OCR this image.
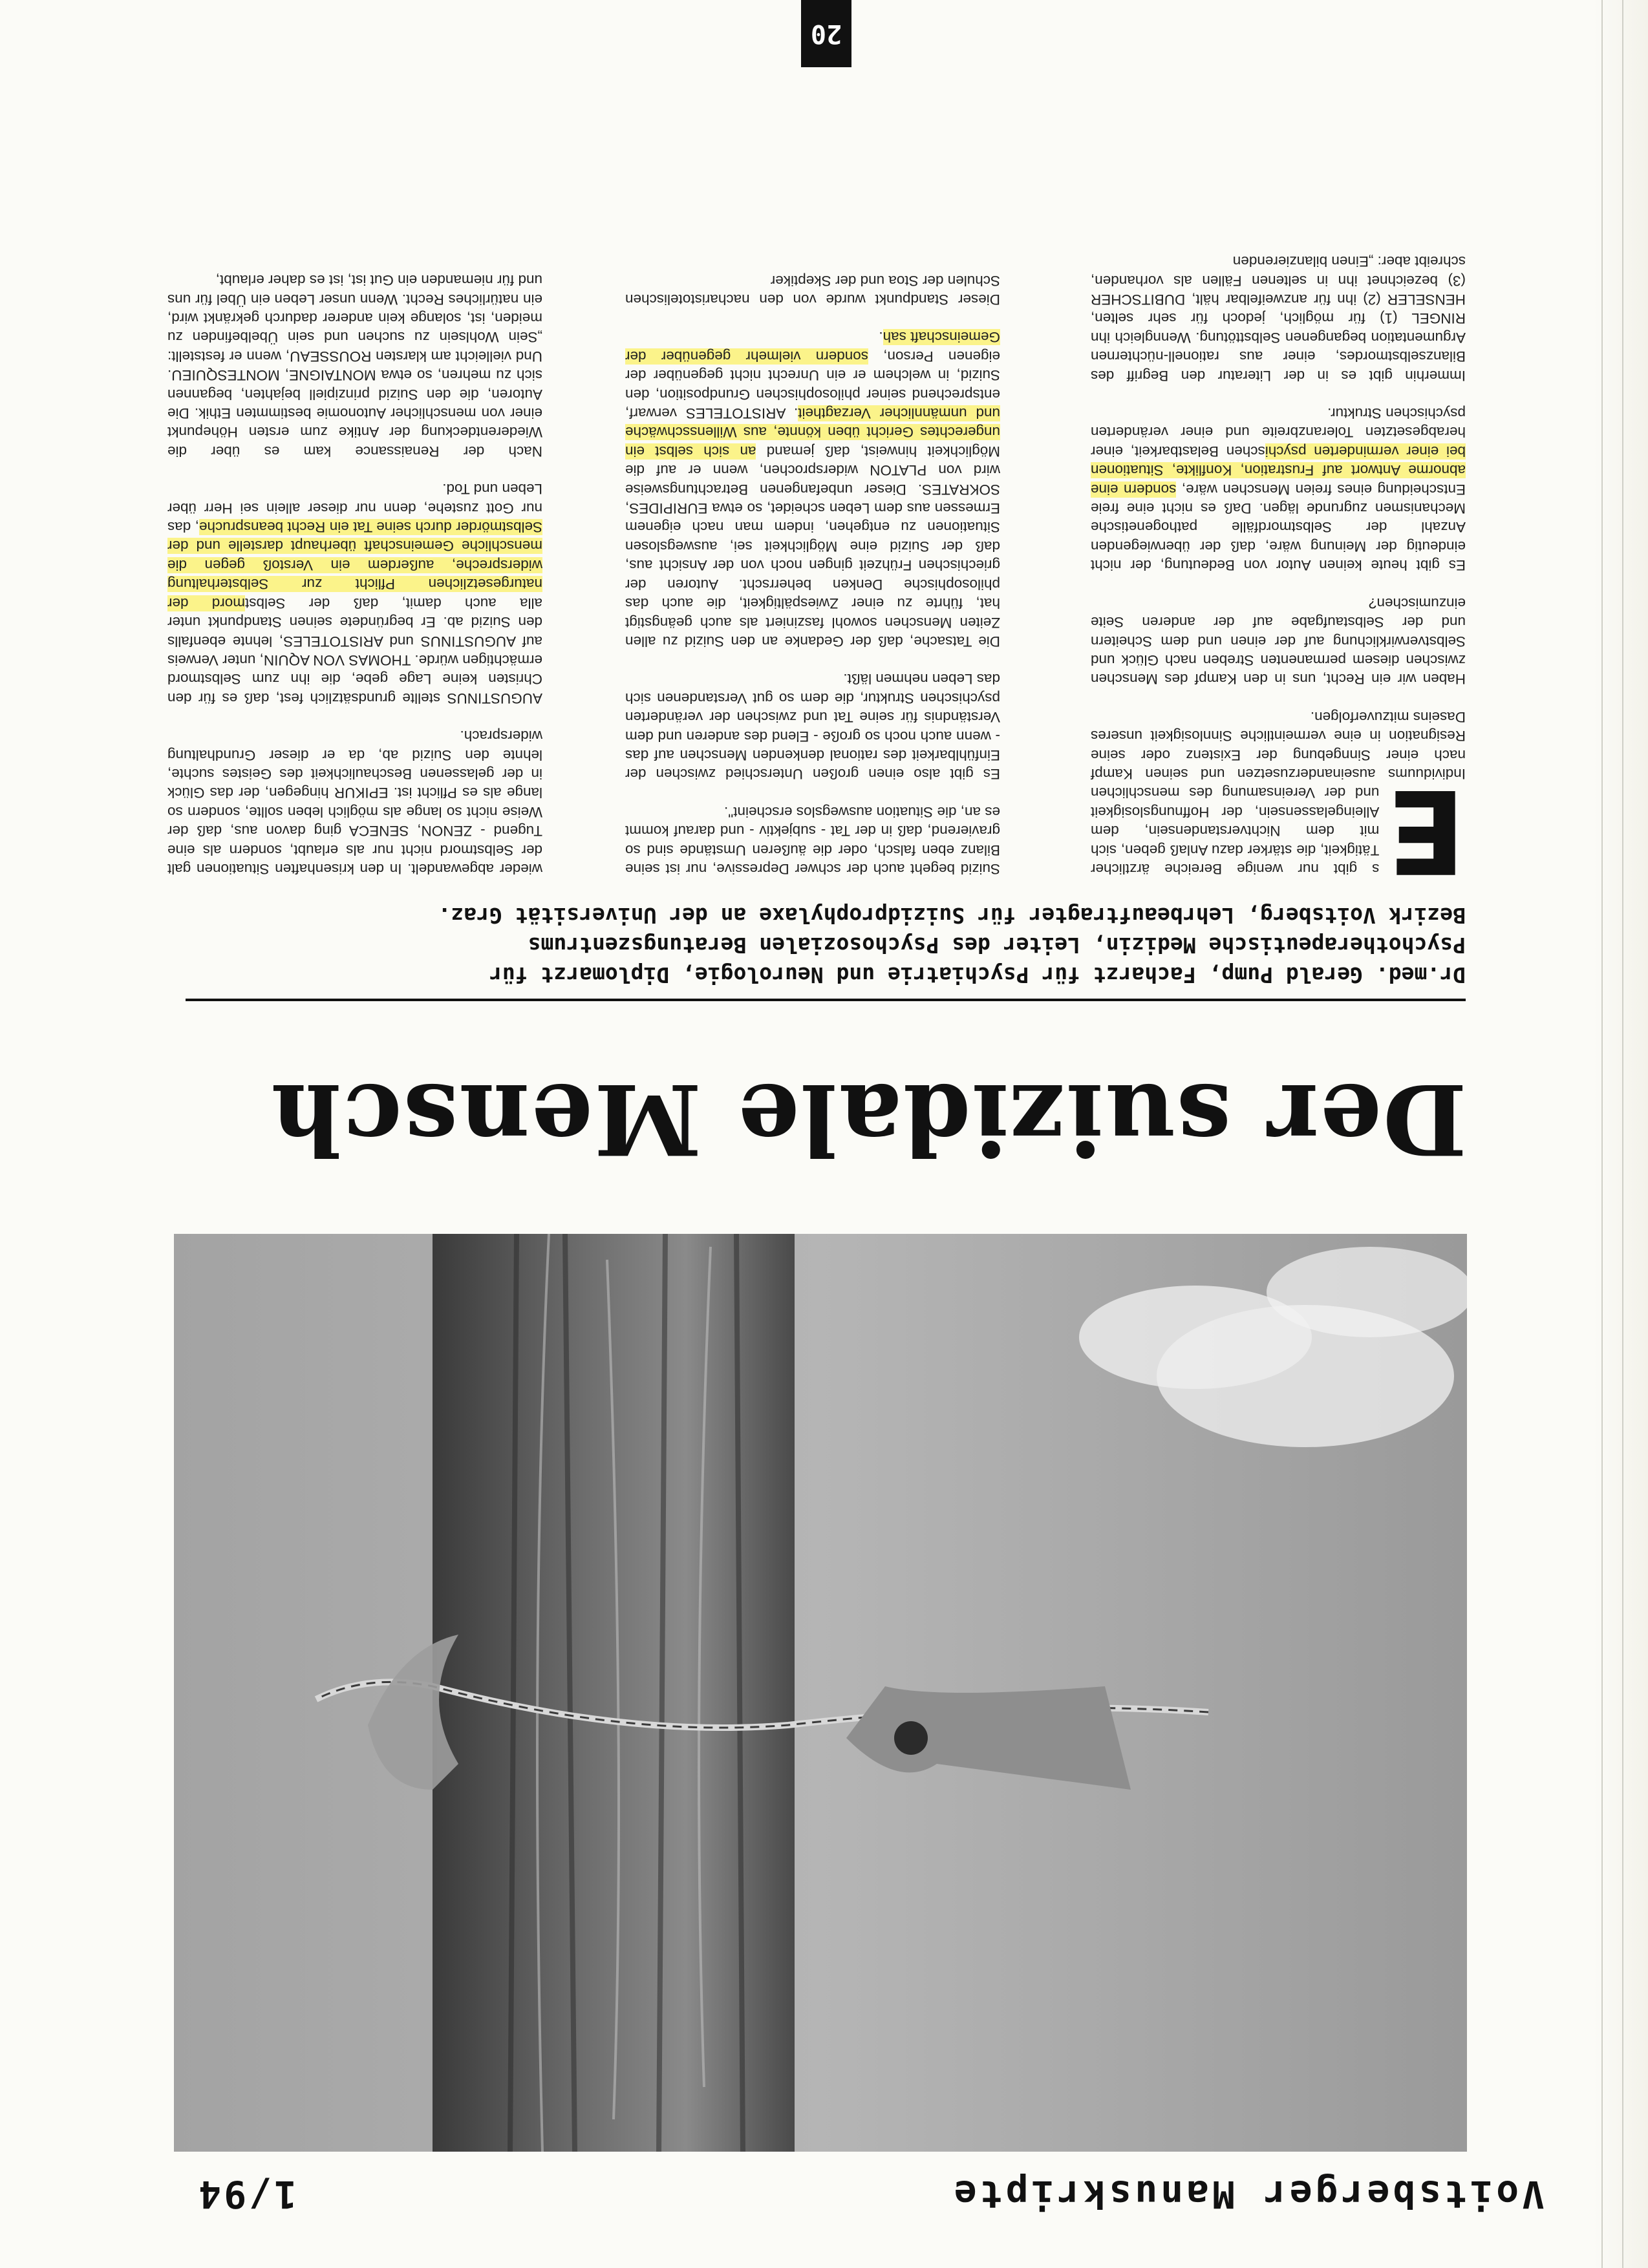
Voitsberger Manuskripte
1/94
Der suizidale Mensch
Dr.med. Gerald Pump, Facharzt für Psychiatrie und Neurologie, Diplomarzt für
Psychotherapeutische Medizin, Leiter des Psychosozialen Beratungszentrums
Bezirk Voitsberg, Lehrbeauftragter für Suizidprophylaxe an der Universität Graz.

E
s gibt nur wenige Bereiche ärztlicher Tätigkeit, die stärker dazu Anlaß geben, sich mit dem Nichtverstandensein, dem Alleingelassensein, der Hoffnungslosigkeit und der Vereinsamung des menschlichen Individuums auseinanderzusetzen und seinen Kampf nach einer Sinngebung der Existenz oder seine Resignation in eine vermeintliche Sinnlosigkeit unseres Daseins mitzuverfolgen.

Haben wir ein Recht, uns in den Kampf des Menschen zwischen diesem permanenten Streben nach Glück und Selbstverwirklichung auf der einen und dem Scheitern und der Selbstaufgabe auf der anderen Seite einzumischen?

Es gibt heute keinen Autor von Bedeutung, der nicht eindeutig der Meinung wäre, daß der überwiegenden Anzahl der Selbstmordfälle pathogenetische Mechanismen zugrunde lägen. Daß es nicht eine freie Entscheidung eines freien Menschen wäre, sondern eine abnorme Antwort auf Frustration, Konflikte, Situationen bei einer verminderten psychischen Belastbarkeit, einer herabgesetzten Toleranzbreite und einer veränderten psychischen Struktur.

Immerhin gibt es in der Literatur den Begriff des Bilanzselbstmordes, einer aus rationell-nüchternen Argumentation begangenen Selbsttötung. Wenngleich ihn RINGEL (1) für möglich, jedoch für sehr selten, HENSELER (2) ihn für anzweifelbar hält, DUBITSCHER (3) bezeichnet ihn in seltenen Fällen als vorhanden, schreibt aber: „Einen bilanzierenden

Suizid begeht auch der schwer Depressive, nur ist seine Bilanz eben falsch, oder die äußeren Umstände sind so gravierend, daß in der Tat - subjektiv - und darauf kommt es an, die Situation auswegslos erscheint".

Es gibt also einen großen Unterschied zwischen der Einfühlbarkeit des rational denkenden Menschen auf das - wenn auch noch so große - Elend des anderen und dem Verständnis für seine Tat und zwischen der veränderten psychischen Struktur, die dem so gut Verstandenen sich das Leben nehmen läßt.

Die Tatsache, daß der Gedanke an den Suizid zu allen Zeiten Menschen sowohl fasziniert als auch geängstigt hat, führte zu einer Zwiespältigkeit, die auch das philosophische Denken beherrscht. Autoren der griechischen Frühzeit gingen noch von der Ansicht aus, daß der Suizid eine Möglichkeit sei, auswegslosen Situationen zu entgehen, indem man nach eigenem Ermessen aus dem Leben scheidet, so etwa EURIPIDES, SOKRATES. Dieser unbefangenen Betrachtungsweise wird von PLATON widersprochen, wenn er auf die Möglichkeit hinweist, daß jemand an sich selbst ein ungerechtes Gericht üben könnte, aus Willensschwäche und unmännlicher Verzagtheit. ARISTOTELES verwarf, entsprechend seiner philosophischen Grundposition, den Suizid, in welchem er ein Unrecht nicht gegenüber der eigenen Person, sondern vielmehr gegenüber der Gemeinschaft sah.

Dieser Standpunkt wurde von den nacharistotelischen Schulen der Stoa und der Skeptiker

wieder abgewandelt. In den krisenhaften Situationen galt der Selbstmord nicht nur als erlaubt, sondern als eine Tugend - ZENON, SENECA ging davon aus, daß der Weise nicht so lange als möglich leben sollte, sondern so lange als es Pflicht ist. EPIKUR hingegen, der das Glück in der gelassenen Beschaulichkeit des Geistes suchte, lehnte den Suizid ab, da er dieser Grundhaltung widersprach.

AUGUSTINUS stellte grundsätzlich fest, daß es für den Christen keine Lage gebe, die ihn zum Selbstmord ermächtigen würde. THOMAS VON AQUIN, unter Verweis auf AUGUSTINUS und ARISTOTELES, lehnte ebenfalls den Suizid ab. Er begründete seinen Standpunkt unter alla auch damit, daß der Selbstmord der naturgesetzlichen Pflicht zur Selbsterhaltung widerspreche, außerdem ein Verstoß gegen die menschliche Gemeinschaft überhaupt darstelle und der Selbstmörder durch seine Tat ein Recht beanspruche, das nur Gott zustehe, denn nur dieser allein sei Herr über Leben und Tod.

Nach der Renaissance kam es über die Wiederentdeckung der Antike zum ersten Höhepunkt einer von menschlicher Autonomie bestimmten Ethik. Die Autoren, die den Suizid prinzipiell bejahten, begannen sich zu mehren, so etwa MONTAIGNE, MONTESQUIEU. Und vielleicht am klarsten ROUSSEAU, wenn er feststellt: „Sein Wohlsein zu suchen und sein Übelbefinden zu meiden, ist, solange kein anderer dadurch gekränkt wird, ein natürliches Recht. Wenn unser Leben ein Übel für uns und für niemanden ein Gut ist, ist es daher erlaubt,

20
